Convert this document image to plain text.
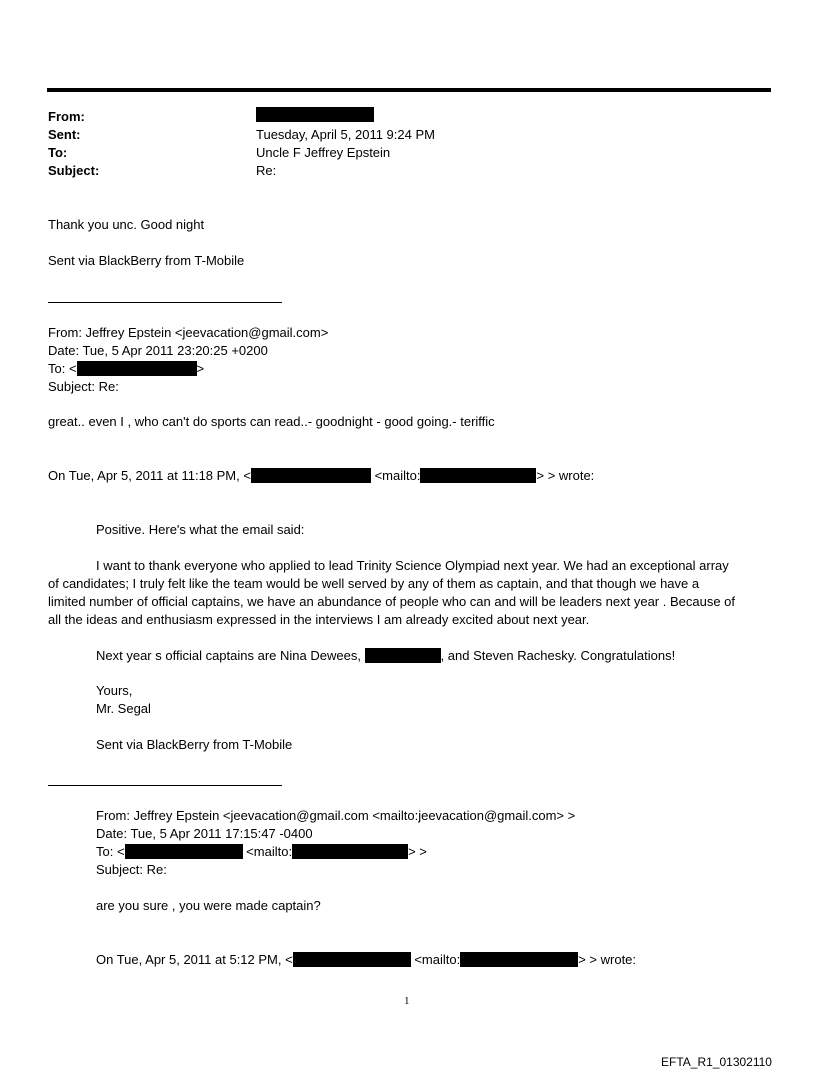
From:
Sent:	Tuesday, April 5, 2011 9:24 PM
To:	Uncle F Jeffrey Epstein
Subject:	Re:
Thank you unc. Good night
Sent via BlackBerry from T-Mobile
From: Jeffrey Epstein <jeevacation@gmail.com>
Date: Tue, 5 Apr 2011 23:20:25 +0200
To: <	>
Subject: Re:
great.. even I , who can't do sports can read..- goodnight - good going.- teriffic
On Tue, Apr 5, 2011 at 11:18 PM, <	<mailto:	> > wrote:
Positive. Here's what the email said:
I want to thank everyone who applied to lead Trinity Science Olympiad next year. We had an exceptional array
of candidates; I truly felt like the team would be well served by any of them as captain, and that though we have a
limited number of official captains, we have an abundance of people who can and will be leaders next year . Because of
all the ideas and enthusiasm expressed in the interviews I am already excited about next year.
Next year s official captains are Nina Dewees,	, and Steven Rachesky. Congratulations!
Yours,
Mr. Segal
Sent via BlackBerry from T-Mobile
From: Jeffrey Epstein <jeevacation@gmail.com <mailto:jeevacation@gmail.com> >
Date: Tue, 5 Apr 2011 17:15:47 -0400
To: <	<mailto:	> >
Subject: Re:
are you sure , you were made captain?
On Tue, Apr 5, 2011 at 5:12 PM, <	<mailto:	> > wrote:
1
EFTA_R1_01302110
